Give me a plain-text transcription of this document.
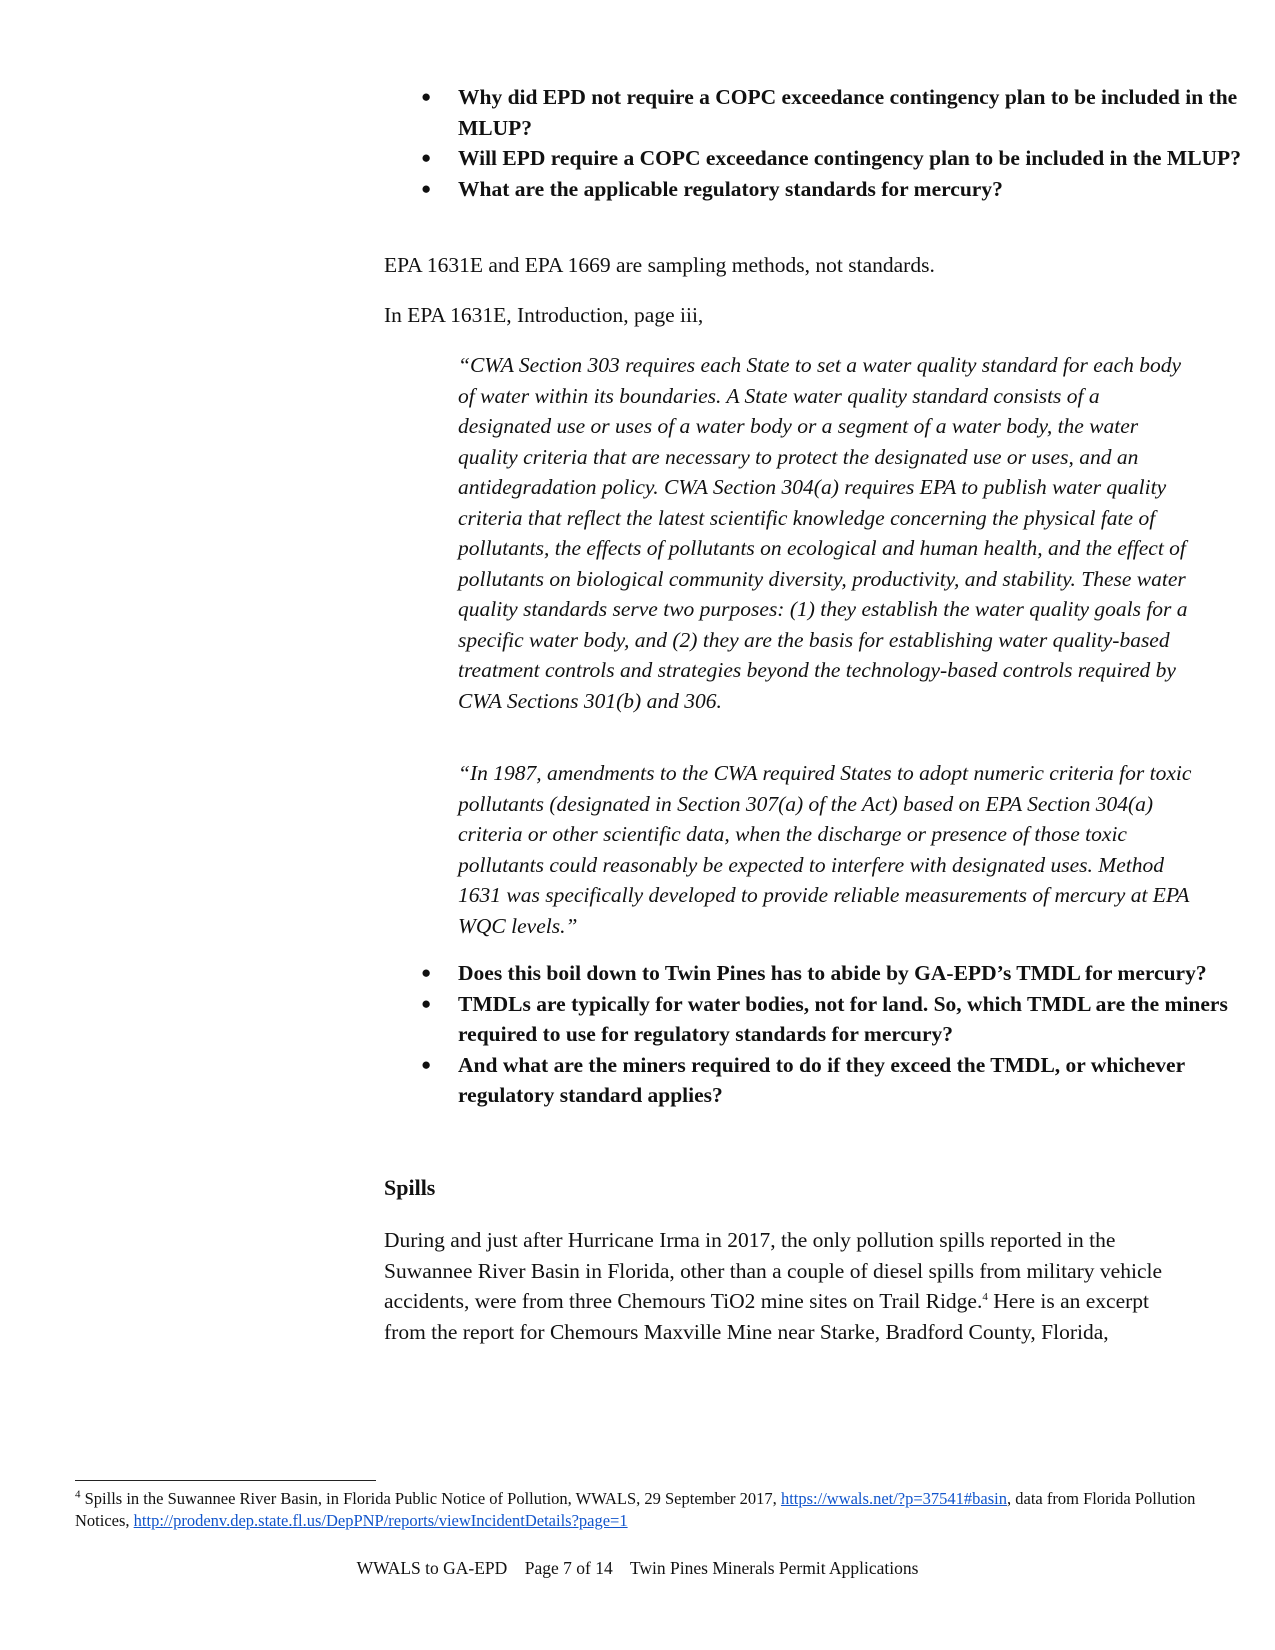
● Why did EPD not require a COPC exceedance contingency plan to be included in the MLUP?
● Will EPD require a COPC exceedance contingency plan to be included in the MLUP?
● What are the applicable regulatory standards for mercury?

EPA 1631E and EPA 1669 are sampling methods, not standards.

In EPA 1631E, Introduction, page iii,

“CWA Section 303 requires each State to set a water quality standard for each body of water within its boundaries. A State water quality standard consists of a designated use or uses of a water body or a segment of a water body, the water quality criteria that are necessary to protect the designated use or uses, and an antidegradation policy. CWA Section 304(a) requires EPA to publish water quality criteria that reflect the latest scientific knowledge concerning the physical fate of pollutants, the effects of pollutants on ecological and human health, and the effect of pollutants on biological community diversity, productivity, and stability. These water quality standards serve two purposes: (1) they establish the water quality goals for a specific water body, and (2) they are the basis for establishing water quality-based treatment controls and strategies beyond the technology-based controls required by CWA Sections 301(b) and 306.
“In 1987, amendments to the CWA required States to adopt numeric criteria for toxic pollutants (designated in Section 307(a) of the Act) based on EPA Section 304(a) criteria or other scientific data, when the discharge or presence of those toxic pollutants could reasonably be expected to interfere with designated uses. Method 1631 was specifically developed to provide reliable measurements of mercury at EPA WQC levels.”
● Does this boil down to Twin Pines has to abide by GA-EPD’s TMDL for mercury?
● TMDLs are typically for water bodies, not for land. So, which TMDL are the miners required to use for regulatory standards for mercury?
● And what are the miners required to do if they exceed the TMDL, or whichever regulatory standard applies?
Spills

During and just after Hurricane Irma in 2017, the only pollution spills reported in the Suwannee River Basin in Florida, other than a couple of diesel spills from military vehicle accidents, were from three Chemours TiO2 mine sites on Trail Ridge.$^4$ Here is an excerpt from the report for Chemours Maxville Mine near Starke, Bradford County, Florida,

$^4$ Spills in the Suwannee River Basin, in Florida Public Notice of Pollution, WWALS, 29 September 2017, https://wwals.net/?p=37541#basin, data from Florida Pollution Notices, http://prodenv.dep.state.fl.us/DepPNP/reports/viewIncidentDetails?page=1
WWALS to GA-EPD    Page 7 of 14    Twin Pines Minerals Permit Applications
